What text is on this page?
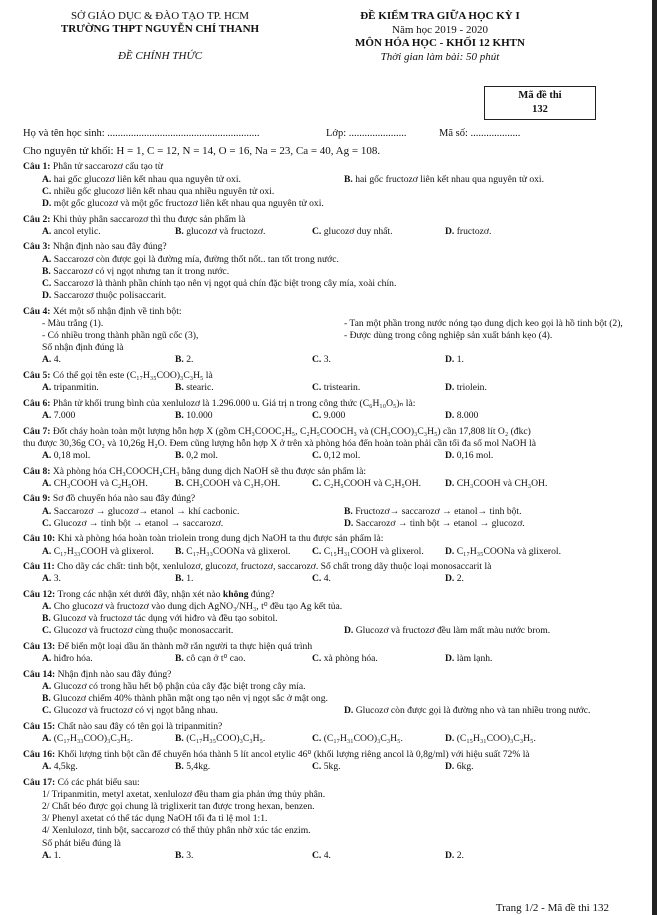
SỞ GIÁO DỤC & ĐÀO TẠO TP. HCM
TRƯỜNG THPT NGUYỄN CHÍ THANH
ĐỀ CHÍNH THỨC
ĐỀ KIỂM TRA GIỮA HỌC KỲ I
Năm học 2019 - 2020
MÔN HÓA HỌC - KHỐI 12 KHTN
Thời gian làm bài: 50 phút
Mã đề thi
132
Họ và tên học sinh: ..........................................................	Lớp: ......................	Mã số: ...................
Cho nguyên tử khối: H = 1, C = 12, N = 14, O = 16, Na = 23, Ca = 40, Ag = 108.
Câu 1: Phân tử saccarozơ cấu tạo từ
A. hai gốc glucozơ liên kết nhau qua nguyên tử oxi.	B. hai gốc fructozơ liên kết nhau qua nguyên tử oxi.
C. nhiều gốc glucozơ liên kết nhau qua nhiều nguyên tử oxi.
D. một gốc glucozơ và một gốc fructozơ liên kết nhau qua nguyên tử oxi.
Câu 2: Khi thủy phân saccarozơ thì thu được sản phẩm là
A. ancol etylic.	B. glucozơ và fructozơ.	C. glucozơ duy nhất.	D. fructozơ.
Câu 3: Nhận định nào sau đây đúng?
A. Saccarozơ còn được gọi là đường mía, đường thốt nốt.. tan tốt trong nước.
B. Saccarozơ có vị ngọt nhưng tan ít trong nước.
C. Saccarozơ là thành phần chính tạo nên vị ngọt quả chín đặc biệt trong cây mía, xoài chín.
D. Saccarozơ thuộc polisaccarit.
Câu 4: Xét một số nhận định về tinh bột:
- Màu trắng (1).	- Tan một phần trong nước nóng tạo dung dịch keo gọi là hồ tinh bột (2),
- Có nhiều trong thành phần ngũ cốc (3),	- Được dùng trong công nghiệp sản xuất bánh kẹo (4).
Số nhận định đúng là
A. 4.	B. 2.	C. 3.	D. 1.
Câu 5: Có thể gọi tên este (C₁₇H₃₅COO)₃C₃H₅ là
A. tripanmitin.	B. stearic.	C. tristearin.	D. triolein.
Câu 6: Phân tử khối trung bình của xenlulozơ là 1.296.000 u. Giá trị n trong công thức (C₆H₁₀O₅)ₙ là:
A. 7.000	B. 10.000	C. 9.000	D. 8.000
Câu 7: Đốt cháy hoàn toàn một lượng hỗn hợp X (gồm CH₃COOC₂H₅, C₂H₅COOCH₃ và (CH₃COO)₃C₃H₅) cần 17,808 lít O₂ (đkc)
thu được 30,36g CO₂ và 10,26g H₂O. Đem cũng lượng hỗn hợp X ở trên xà phòng hóa đến hoàn toàn phải cần tối đa số mol NaOH là
A. 0,18 mol.	B. 0,2 mol.	C. 0,12 mol.	D. 0,16 mol.
Câu 8: Xà phòng hóa CH₃COOCH₂CH₃ bằng dung dịch NaOH sẽ thu được sản phẩm là:
A. CH₃COOH và C₂H₅OH.	B. CH₃COOH và C₃H₇OH.	C. C₂H₅COOH và C₂H₅OH. D. CH₃COOH và CH₃OH.
Câu 9: Sơ đồ chuyển hóa nào sau đây đúng?
A. Saccarozơ → glucozơ→ etanol → khí cacbonic.	B. Fructozơ→ saccarozơ → etanol→ tinh bột.
C. Glucozơ → tinh bột → etanol → saccarozơ.	D. Saccarozơ → tinh bột → etanol → glucozơ.
Câu 10: Khi xà phòng hóa hoàn toàn triolein trong dung dịch NaOH ta thu được sản phẩm là:
A. C₁₇H₃₃COOH và glixerol. B. C₁₇H₃₃COONa và glixerol. C. C₁₅H₃₁COOH và glixerol. D. C₁₇H₃₅COONa và glixerol.
Câu 11: Cho dãy các chất: tinh bột, xenlulozơ, glucozơ, fructozơ, saccarozơ. Số chất trong dãy thuộc loại monosaccarit là
A. 3.	B. 1.	C. 4.	D. 2.
Câu 12: Trong các nhận xét dưới đây, nhận xét nào không đúng?
A. Cho glucozơ và fructozơ vào dung dịch AgNO₃/NH₃, t⁰ đều tạo Ag kết tủa.
B. Glucozơ và fructozơ tác dụng với hiđro và đều tạo sobitol.
C. Glucozơ và fructozơ cùng thuộc monosaccarit.	D. Glucozơ và fructozơ đều làm mất màu nước brom.
Câu 13: Để biến một loại dầu ăn thành mỡ rắn người ta thực hiện quá trình
A. hiđro hóa.	B. cô cạn ở t⁰ cao.	C. xà phòng hóa.	D. làm lạnh.
Câu 14: Nhận định nào sau đây đúng?
A. Glucozơ có trong hầu hết bộ phận của cây đặc biệt trong cây mía.
B. Glucozơ chiếm 40% thành phần mật ong tạo nên vị ngọt sắc ở mật ong.
C. Glucozơ và fructozơ có vị ngọt bằng nhau.	D. Glucozơ còn được gọi là đường nho và tan nhiều trong nước.
Câu 15: Chất nào sau đây có tên gọi là tripanmitin?
A. (C₁₇H₃₃COO)₃C₃H₅.	B. (C₁₇H₃₅COO)₃C₃H₅.	C. (C₁₇H₃₁COO)₃C₃H₅.	D. (C₁₅H₃₁COO)₃C₃H₅.
Câu 16: Khối lượng tinh bột cần để chuyển hóa thành 5 lít ancol etylic 46⁰ (khối lượng riêng ancol là 0,8g/ml) với hiệu suất 72% là
A. 4,5kg.	B. 5,4kg.	C. 5kg.	D. 6kg.
Câu 17: Có các phát biểu sau:
1/ Tripanmitin, metyl axetat, xenlulozơ đều tham gia phản ứng thủy phân.
2/ Chất béo được gọi chung là triglixerit tan được trong hexan, benzen.
3/ Phenyl axetat có thể tác dụng NaOH tối đa tỉ lệ mol 1:1.
4/ Xenlulozơ, tinh bột, saccarozơ có thể thủy phân nhờ xúc tác enzim.
Số phát biểu đúng là
A. 1.	B. 3.	C. 4.	D. 2.
Trang 1/2 - Mã đề thi 132
